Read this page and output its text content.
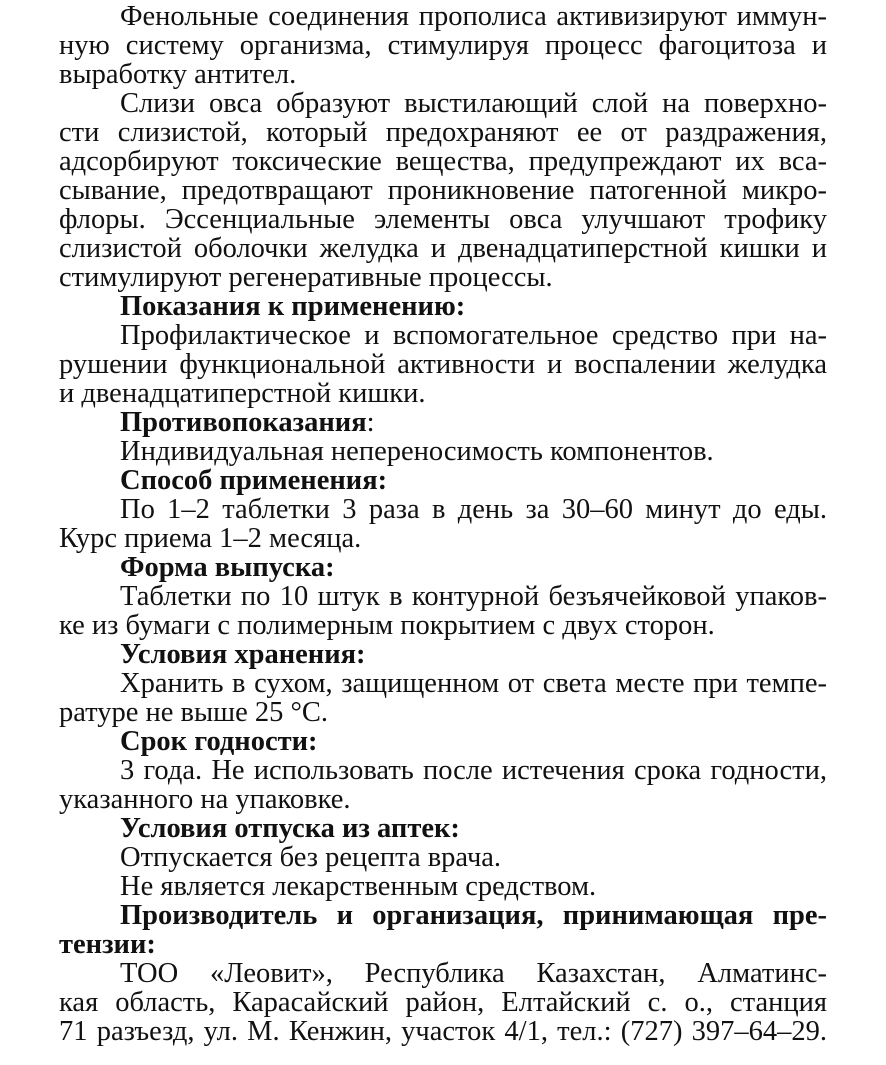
Фенольные соединения прополиса активизируют иммун-
ную систему организма, стимулируя процесс фагоцитоза и
выработку антител.
Слизи овса образуют выстилающий слой на поверхно-
сти слизистой, который предохраняют ее от раздражения,
адсорбируют токсические вещества, предупреждают их вса-
сывание, предотвращают проникновение патогенной микро-
флоры. Эссенциальные элементы овса улучшают трофику
слизистой оболочки желудка и двенадцатиперстной кишки и
стимулируют регенеративные процессы.
Показания к применению:
Профилактическое и вспомогательное средство при на-
рушении функциональной активности и воспалении желудка
и двенадцатиперстной кишки.
Противопоказания:
Индивидуальная непереносимость компонентов.
Способ применения:
По 1–2 таблетки 3 раза в день за 30–60 минут до еды.
Курс приема 1–2 месяца.
Форма выпуска:
Таблетки по 10 штук в контурной безъячейковой упаков-
ке из бумаги с полимерным покрытием с двух сторон.
Условия хранения:
Хранить в сухом, защищенном от света месте при темпе-
ратуре не выше 25 °С.
Срок годности:
3 года. Не использовать после истечения срока годности,
указанного на упаковке.
Условия отпуска из аптек:
Отпускается без рецепта врача.
Не является лекарственным средством.
Производитель и организация, принимающая пре-
тензии:
ТОО «Леовит», Республика Казахстан, Алматинс-
кая область, Карасайский район, Елтайский с. о., станция
71 разъезд, ул. М. Кенжин, участок 4/1, тел.: (727) 397–64–29.
